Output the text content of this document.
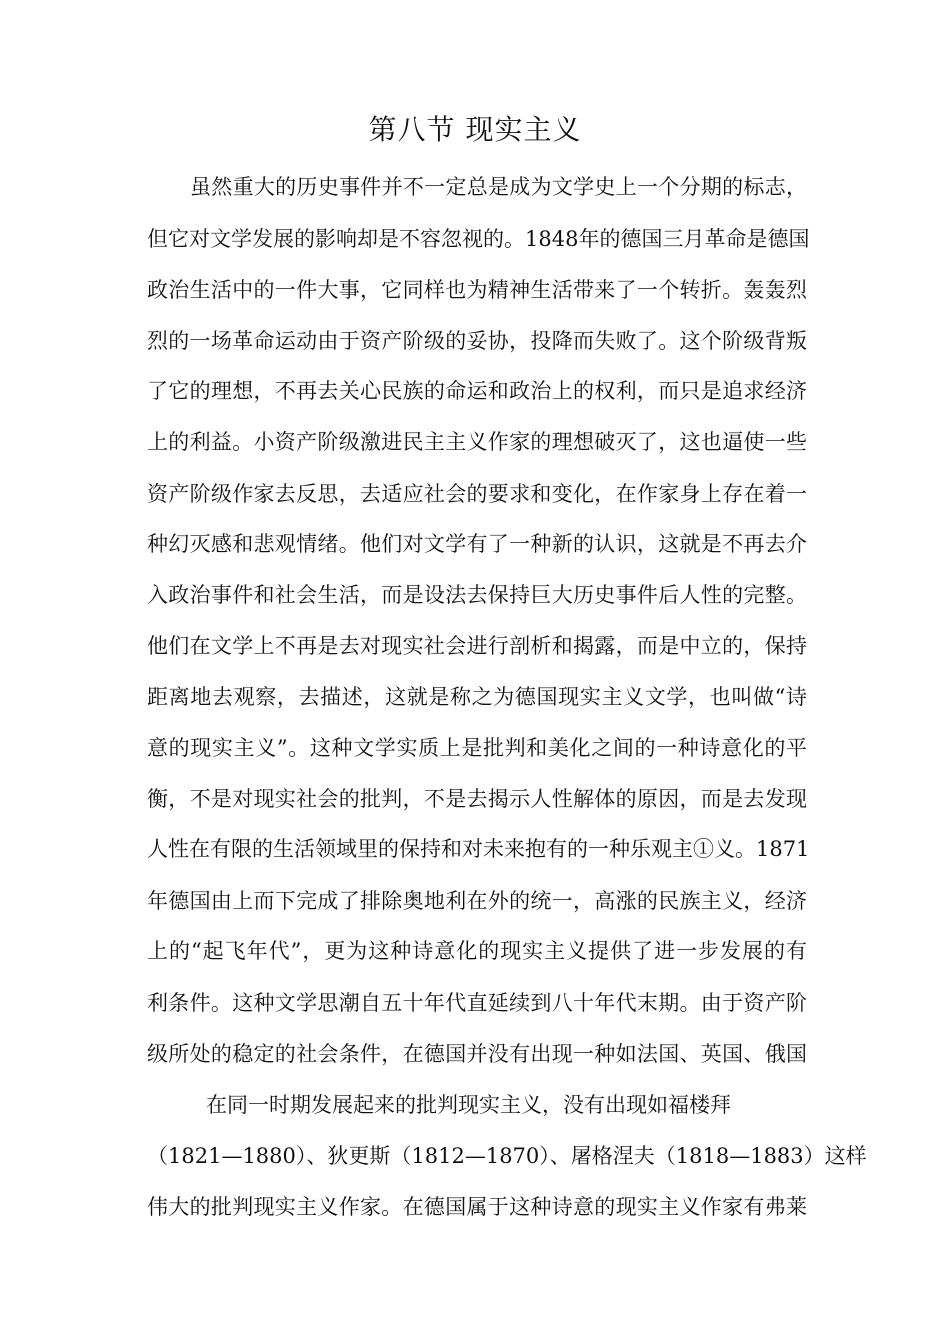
第八节 现实主义
虽然重大的历史事件并不一定总是成为文学史上一个分期的标志，
但它对文学发展的影响却是不容忽视的。1848年的德国三月革命是德国
政治生活中的一件大事，它同样也为精神生活带来了一个转折。轰轰烈
烈的一场革命运动由于资产阶级的妥协，投降而失败了。这个阶级背叛
了它的理想，不再去关心民族的命运和政治上的权利，而只是追求经济
上的利益。小资产阶级激进民主主义作家的理想破灭了，这也逼使一些
资产阶级作家去反思，去适应社会的要求和变化，在作家身上存在着一
种幻灭感和悲观情绪。他们对文学有了一种新的认识，这就是不再去介
入政治事件和社会生活，而是设法去保持巨大历史事件后人性的完整。
他们在文学上不再是去对现实社会进行剖析和揭露，而是中立的，保持
距离地去观察，去描述，这就是称之为德国现实主义文学，也叫做“诗
意的现实主义”。这种文学实质上是批判和美化之间的一种诗意化的平
衡，不是对现实社会的批判，不是去揭示人性解体的原因，而是去发现
人性在有限的生活领域里的保持和对未来抱有的一种乐观主①义。1871
年德国由上而下完成了排除奥地利在外的统一，高涨的民族主义，经济
上的“起飞年代”，更为这种诗意化的现实主义提供了进一步发展的有
利条件。这种文学思潮自五十年代直延续到八十年代末期。由于资产阶
级所处的稳定的社会条件，在德国并没有出现一种如法国、英国、俄国
在同一时期发展起来的批判现实主义，没有出现如福楼拜
（1821—1880）、狄更斯（1812—1870）、屠格涅夫（1818—1883）这样
伟大的批判现实主义作家。在德国属于这种诗意的现实主义作家有弗莱
